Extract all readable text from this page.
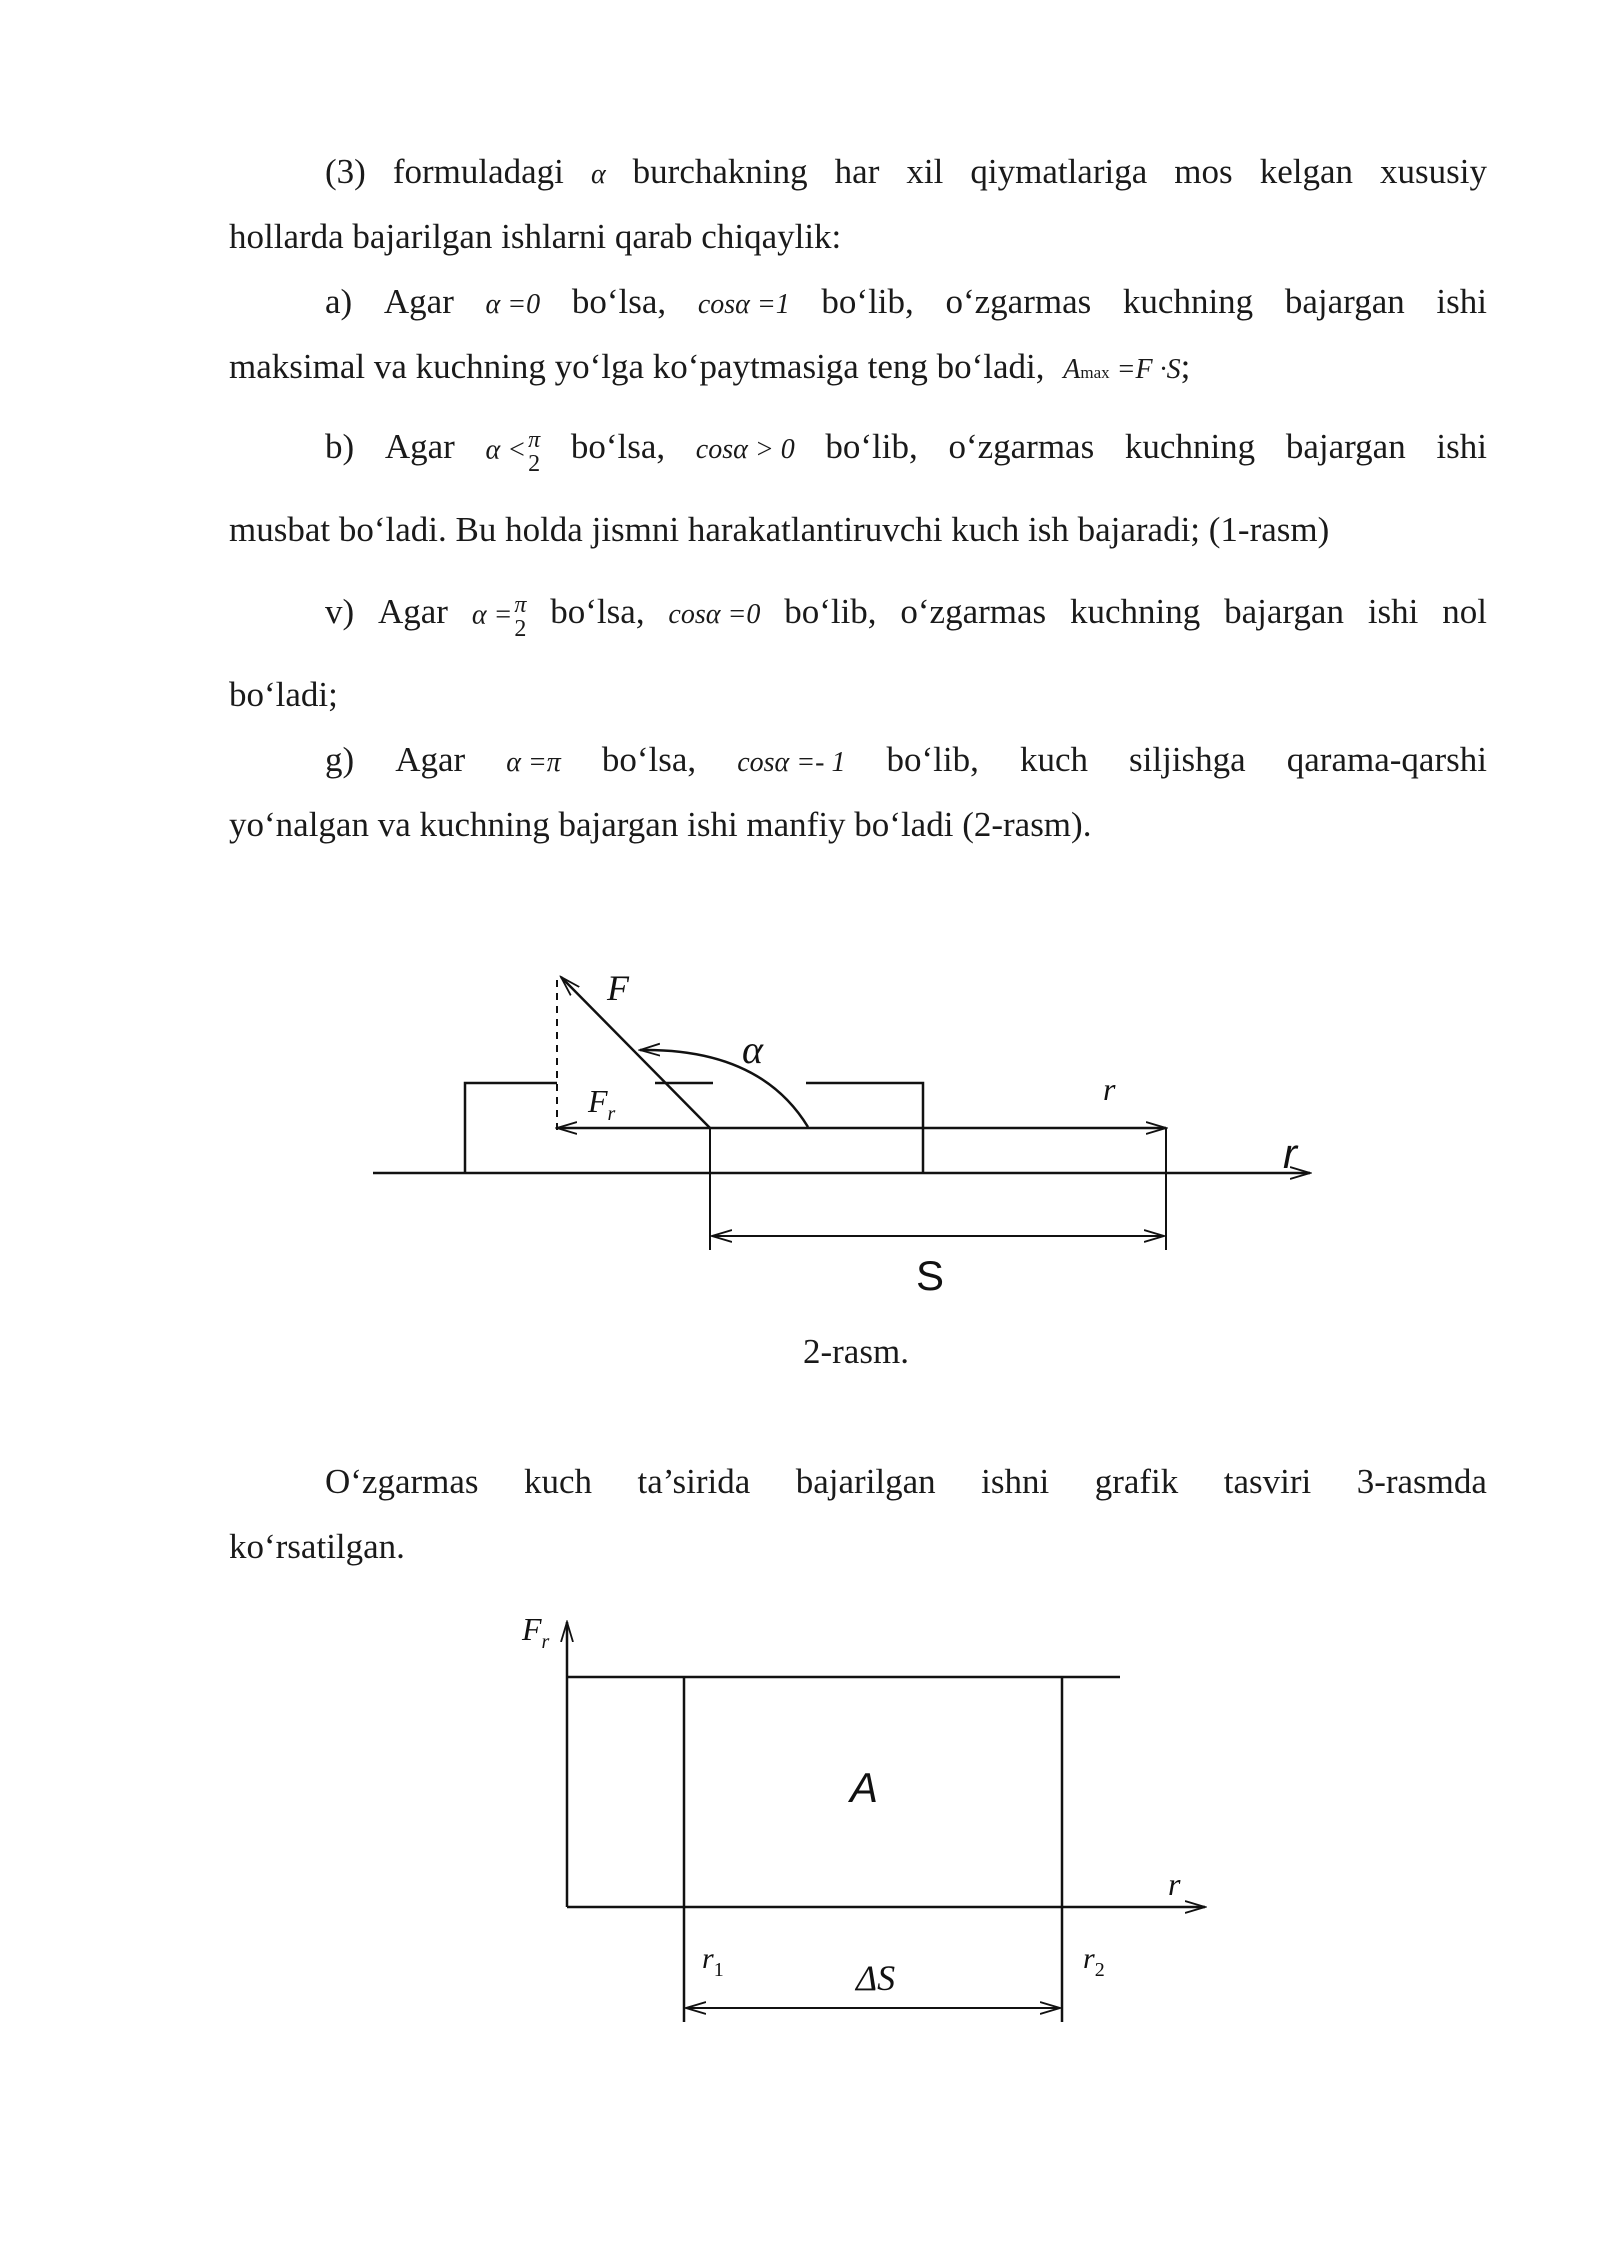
(3) formuladagi α burchakning har xil qiymatlariga mos kelgan xususiy
hollarda bajarilgan ishlarni qarab chiqaylik:
a) Agar α =0 bo‘lsa, cosα =1 bo‘lib, o‘zgarmas kuchning bajargan ishi
maksimal va kuchning yo‘lga ko‘paytmasiga teng bo‘ladi, Amax =F ·S;
b) Agar α < π
2 bo‘lsa, cosα > 0 bo‘lib, o‘zgarmas kuchning bajargan ishi
musbat bo‘ladi. Bu holda jismni harakatlantiruvchi kuch ish bajaradi; (1-rasm)
v) Agar α = π
2 bo‘lsa, cosα =0 bo‘lib, o‘zgarmas kuchning bajargan ishi nol
bo‘ladi;
g) Agar α =π bo‘lsa, cosα =- 1 bo‘lib, kuch siljishga qarama-qarshi
yo‘nalgan va kuchning bajargan ishi manfiy bo‘ladi (2-rasm).
F
α
$F_r$
r
r
S
2-rasm.
O‘zgarmas kuch ta’sirida bajarilgan ishni grafik tasviri 3-rasmda
ko‘rsatilgan.
$F_r$
A
r
$r_1$	ΔS	$r_2$
